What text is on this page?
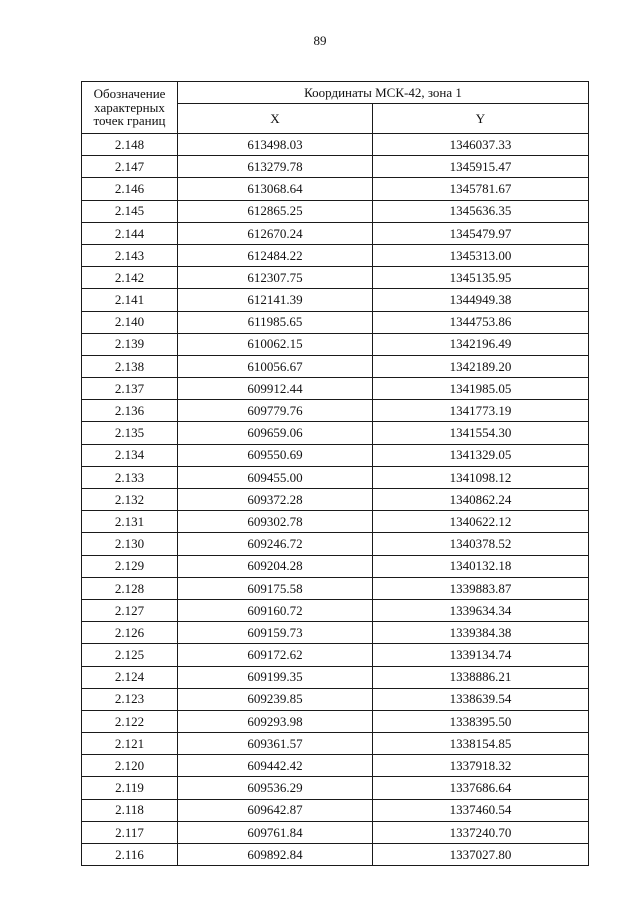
89
Обозначение
характерных
точек границ	Координаты МСК-42, зона 1	
	X	Y
2.148	613498.03	1346037.33
2.147	613279.78	1345915.47
2.146	613068.64	1345781.67
2.145	612865.25	1345636.35
2.144	612670.24	1345479.97
2.143	612484.22	1345313.00
2.142	612307.75	1345135.95
2.141	612141.39	1344949.38
2.140	611985.65	1344753.86
2.139	610062.15	1342196.49
2.138	610056.67	1342189.20
2.137	609912.44	1341985.05
2.136	609779.76	1341773.19
2.135	609659.06	1341554.30
2.134	609550.69	1341329.05
2.133	609455.00	1341098.12
2.132	609372.28	1340862.24
2.131	609302.78	1340622.12
2.130	609246.72	1340378.52
2.129	609204.28	1340132.18
2.128	609175.58	1339883.87
2.127	609160.72	1339634.34
2.126	609159.73	1339384.38
2.125	609172.62	1339134.74
2.124	609199.35	1338886.21
2.123	609239.85	1338639.54
2.122	609293.98	1338395.50
2.121	609361.57	1338154.85
2.120	609442.42	1337918.32
2.119	609536.29	1337686.64
2.118	609642.87	1337460.54
2.117	609761.84	1337240.70
2.116	609892.84	1337027.80
